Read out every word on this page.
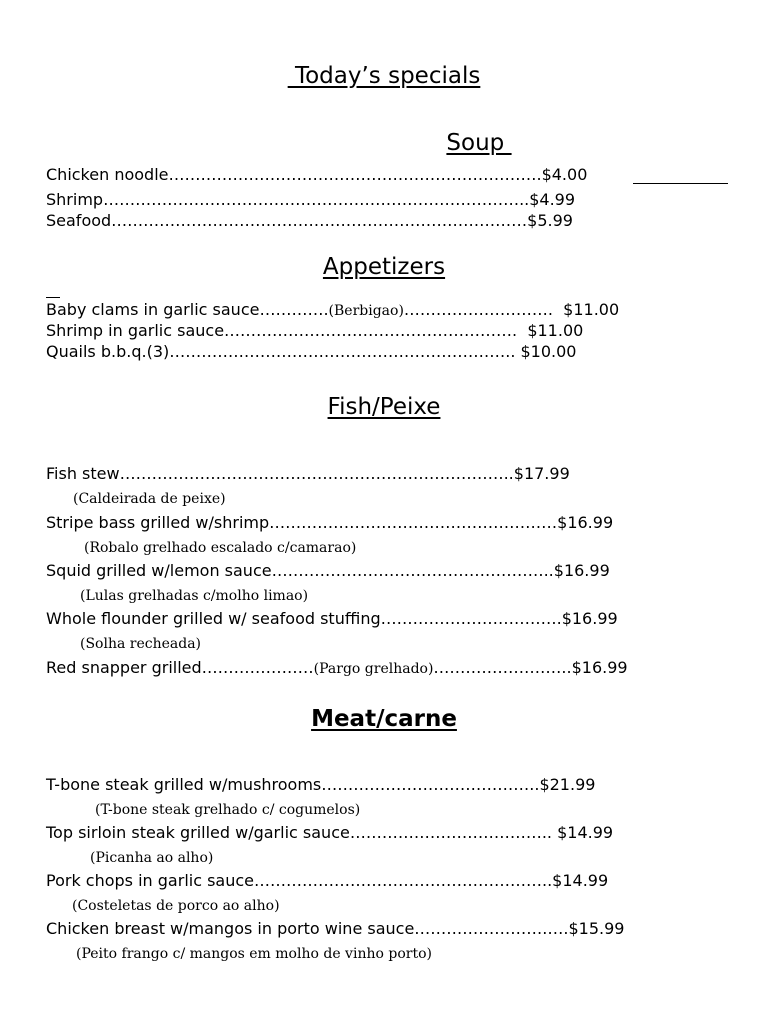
Today’s specials
Soup
Chicken noodle…………………………………………………………….$4.00
Shrimp……………………………………………………………………..$4.99
Seafood……………………………………………………………………$5.99
Appetizers
Baby clams in garlic sauce………….(Berbigao)……………………….  $11.00
Shrimp in garlic sauce……………………………………………….  $11.00
Quails b.b.q.(3)……………………………………………………….. $10.00
Fish/Peixe
Fish stew………………………………………………………………..$17.99
(Caldeirada de peixe)
Stripe bass grilled w/shrimp………………………………………………$16.99
(Robalo grelhado escalado c/camarao)
Squid grilled w/lemon sauce……………………………………………..$16.99
(Lulas grelhadas c/molho limao)
Whole flounder grilled w/ seafood stuffing…………………………….$16.99
(Solha recheada)
Red snapper grilled…………………(Pargo grelhado)……………………..$16.99
Meat/carne
T-bone steak grilled w/mushrooms…………………………………..$21.99
(T-bone steak grelhado c/ cogumelos)
Top sirloin steak grilled w/garlic sauce……………………………….. $14.99
(Picanha ao alho)
Pork chops in garlic sauce………………………………………………..$14.99
(Costeletas de porco ao alho)
Chicken breast w/mangos in porto wine sauce…………………….….$15.99
(Peito frango c/ mangos em molho de vinho porto)
